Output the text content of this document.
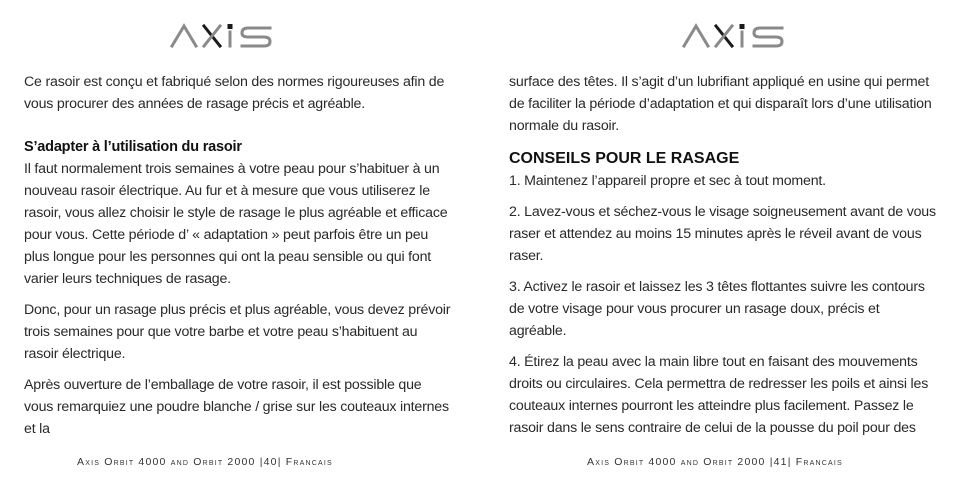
Ce rasoir est conçu et fabriqué selon des normes rigoureuses afin de vous procurer des années de rasage précis et agréable.

S’adapter à l’utilisation du rasoir

Il faut normalement trois semaines à votre peau pour s’habituer à un nouveau rasoir électrique. Au fur et à mesure que vous utiliserez le rasoir, vous allez choisir le style de rasage le plus agréable et efficace pour vous. Cette période d’ « adaptation » peut parfois être un peu plus longue pour les personnes qui ont la peau sensible ou qui font varier leurs techniques de rasage.

Donc, pour un rasage plus précis et plus agréable, vous devez prévoir trois semaines pour que votre barbe et votre peau s’habituent au rasoir électrique.

Après ouverture de l’emballage de votre rasoir, il est possible que vous remarquiez une poudre blanche / grise sur les couteaux internes et la

Axis Orbit 4000 and Orbit 2000 |40| Francais

surface des têtes. Il s’agit d’un lubrifiant appliqué en usine qui permet de faciliter la période d’adaptation et qui disparaît lors d’une utilisation normale du rasoir.

CONSEILS POUR LE RASAGE

1. Maintenez l’appareil propre et sec à tout moment.

2. Lavez-vous et séchez-vous le visage soigneusement avant de vous raser et attendez au moins 15 minutes après le réveil avant de vous raser.

3. Activez le rasoir et laissez les 3 têtes flottantes suivre les contours de votre visage pour vous procurer un rasage doux, précis et agréable.

4. Étirez la peau avec la main libre tout en faisant des mouvements droits ou circulaires. Cela permettra de redresser les poils et ainsi les couteaux internes pourront les atteindre plus facilement. Passez le rasoir dans le sens contraire de celui de la pousse du poil pour des

Axis Orbit 4000 and Orbit 2000 |41| Francais
